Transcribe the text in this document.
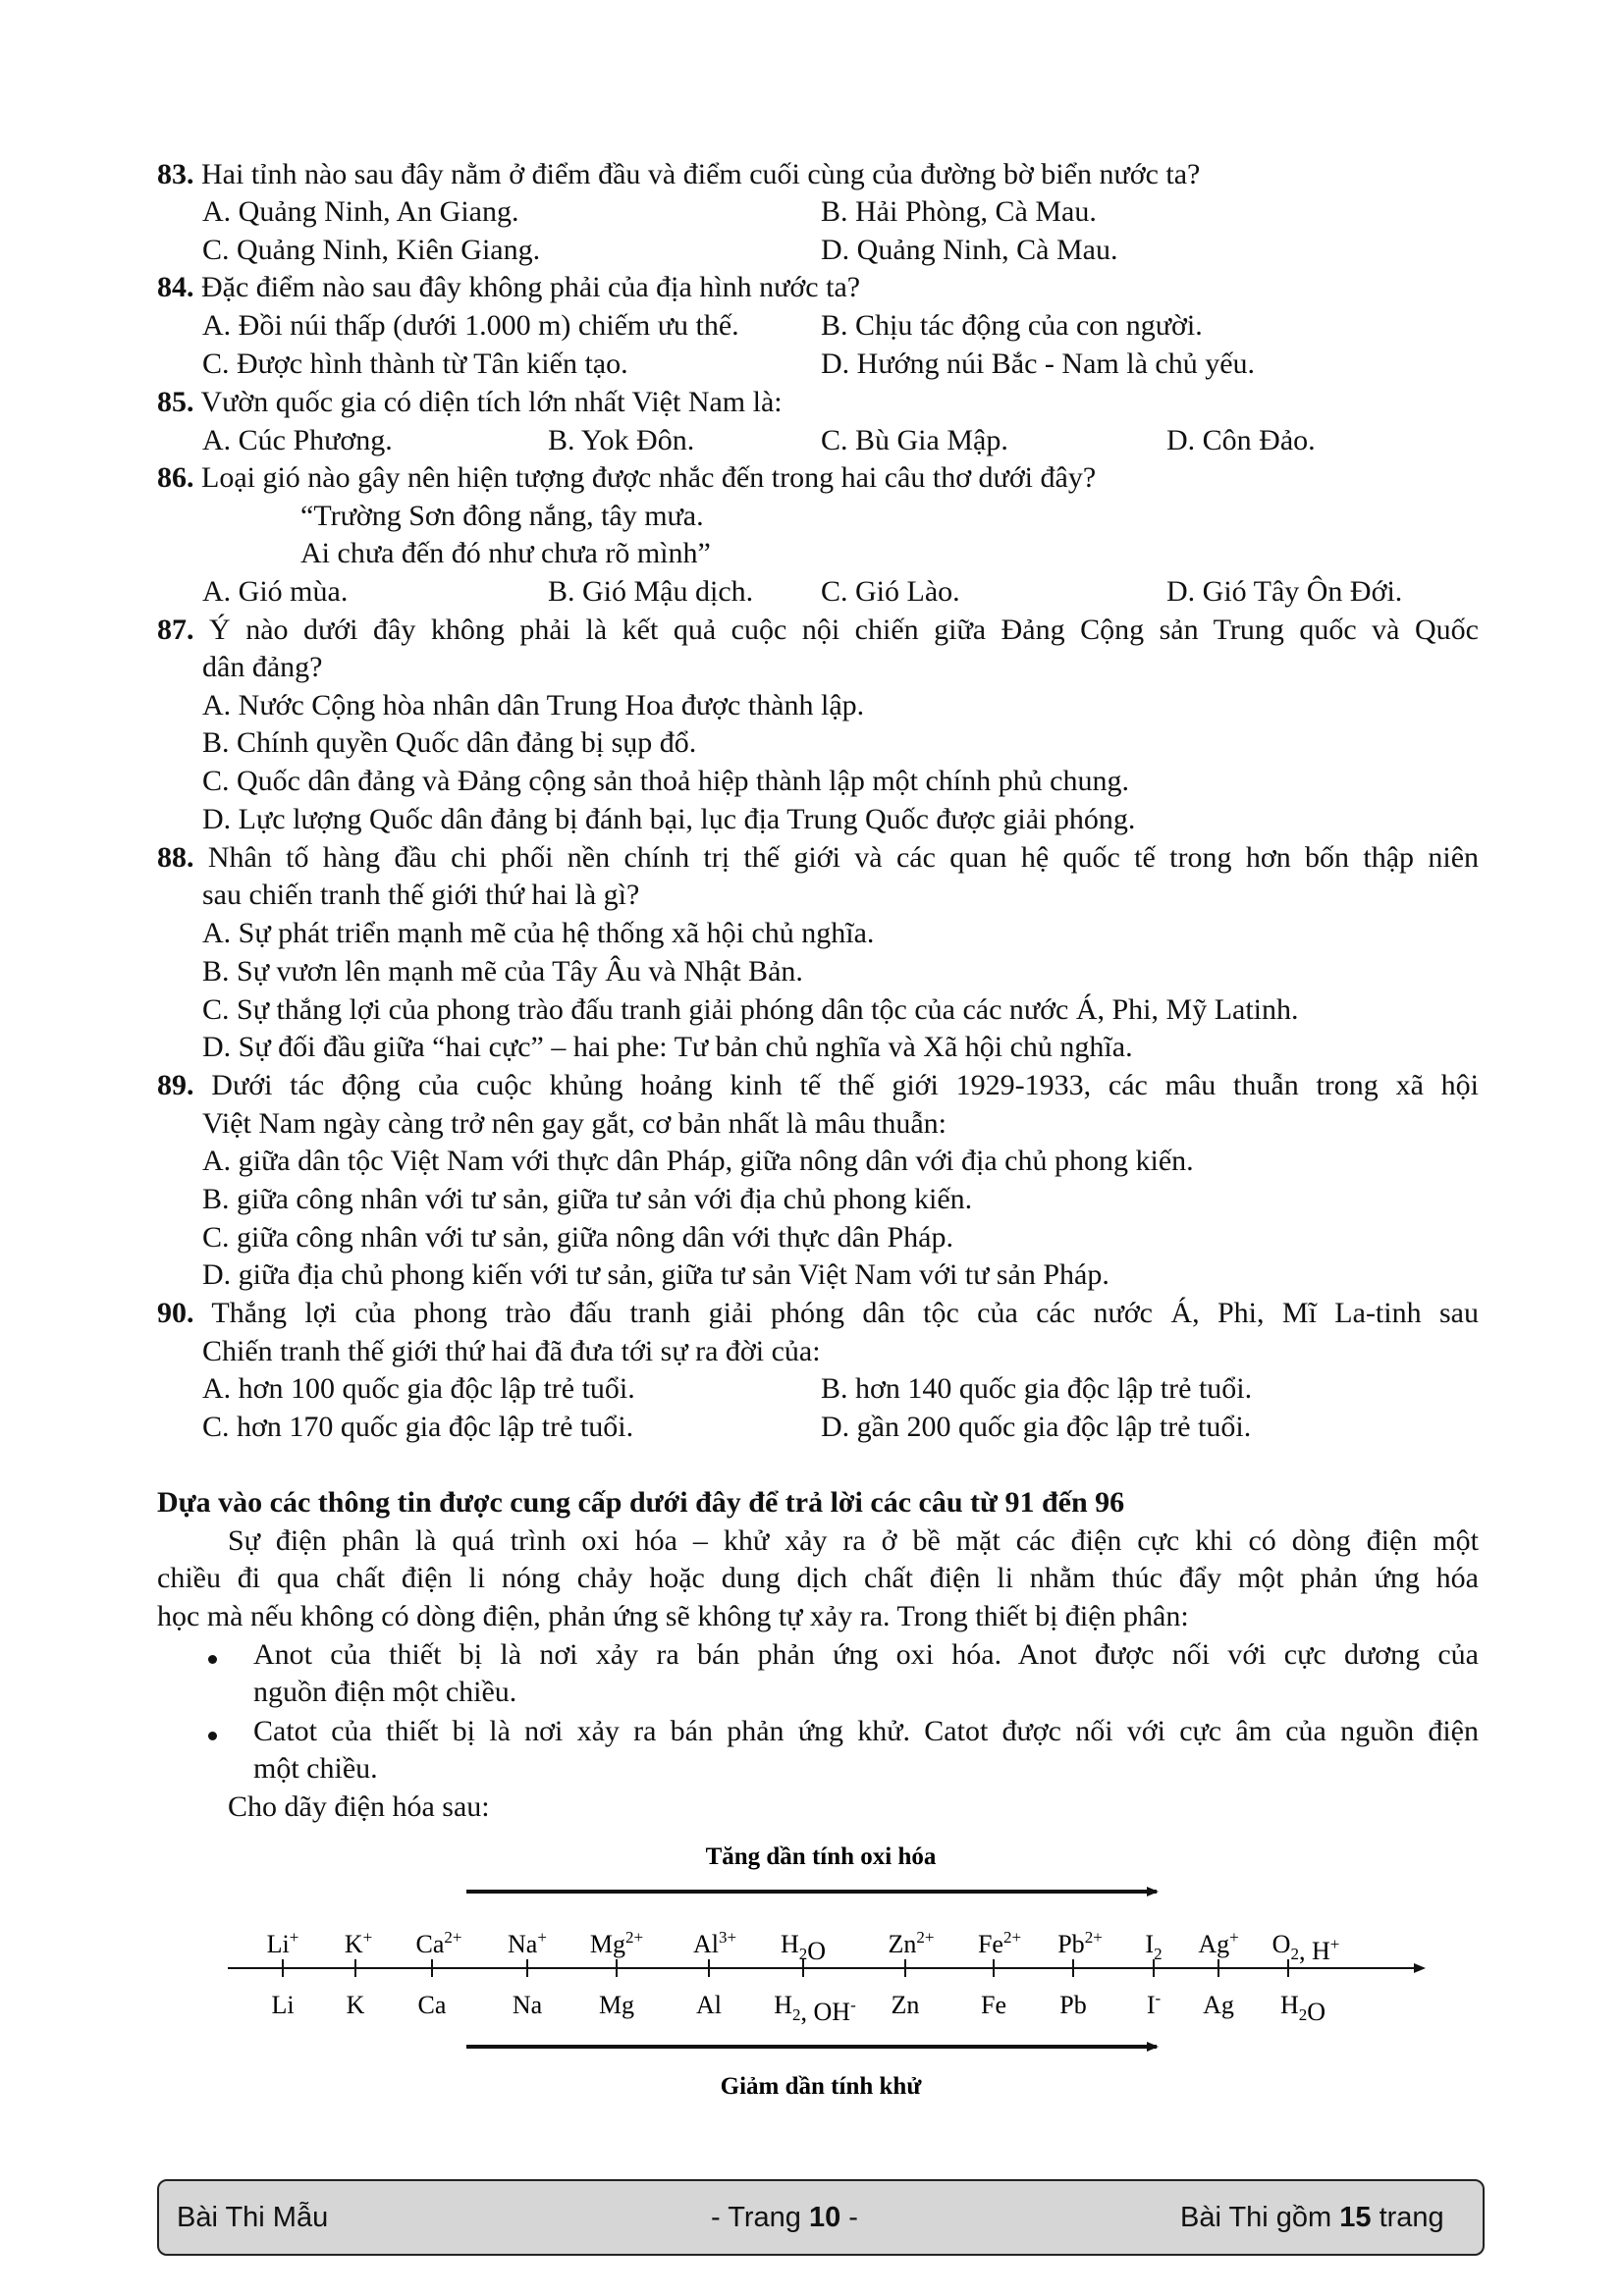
83. Hai tỉnh nào sau đây nằm ở điểm đầu và điểm cuối cùng của đường bờ biển nước ta?
A. Quảng Ninh, An Giang.	B. Hải Phòng, Cà Mau.
C. Quảng Ninh, Kiên Giang.	D. Quảng Ninh, Cà Mau.
84. Đặc điểm nào sau đây không phải của địa hình nước ta?
A. Đồi núi thấp (dưới 1.000 m) chiếm ưu thế.	B. Chịu tác động của con người.
C. Được hình thành từ Tân kiến tạo.	D. Hướng núi Bắc - Nam là chủ yếu.
85. Vườn quốc gia có diện tích lớn nhất Việt Nam là:
A. Cúc Phương.	B. Yok Đôn.	C. Bù Gia Mập.	D. Côn Đảo.
86. Loại gió nào gây nên hiện tượng được nhắc đến trong hai câu thơ dưới đây?
“Trường Sơn đông nắng, tây mưa.
Ai chưa đến đó như chưa rõ mình”
A. Gió mùa.	B. Gió Mậu dịch. C. Gió Lào.	D. Gió Tây Ôn Đới.
87. Ý nào dưới đây không phải là kết quả cuộc nội chiến giữa Đảng Cộng sản Trung quốc và Quốc
dân đảng?
A. Nước Cộng hòa nhân dân Trung Hoa được thành lập.
B. Chính quyền Quốc dân đảng bị sụp đổ.
C. Quốc dân đảng và Đảng cộng sản thoả hiệp thành lập một chính phủ chung.
D. Lực lượng Quốc dân đảng bị đánh bại, lục địa Trung Quốc được giải phóng.
88. Nhân tố hàng đầu chi phối nền chính trị thế giới và các quan hệ quốc tế trong hơn bốn thập niên
sau chiến tranh thế giới thứ hai là gì?
A. Sự phát triển mạnh mẽ của hệ thống xã hội chủ nghĩa.
B. Sự vươn lên mạnh mẽ của Tây Âu và Nhật Bản.
C. Sự thắng lợi của phong trào đấu tranh giải phóng dân tộc của các nước Á, Phi, Mỹ Latinh.
D. Sự đối đầu giữa “hai cực” – hai phe: Tư bản chủ nghĩa và Xã hội chủ nghĩa.
89. Dưới tác động của cuộc khủng hoảng kinh tế thế giới 1929-1933, các mâu thuẫn trong xã hội
Việt Nam ngày càng trở nên gay gắt, cơ bản nhất là mâu thuẫn:
A. giữa dân tộc Việt Nam với thực dân Pháp, giữa nông dân với địa chủ phong kiến.
B. giữa công nhân với tư sản, giữa tư sản với địa chủ phong kiến.
C. giữa công nhân với tư sản, giữa nông dân với thực dân Pháp.
D. giữa địa chủ phong kiến với tư sản, giữa tư sản Việt Nam với tư sản Pháp.
90. Thắng lợi của phong trào đấu tranh giải phóng dân tộc của các nước Á, Phi, Mĩ La-tinh sau
Chiến tranh thế giới thứ hai đã đưa tới sự ra đời của:
A. hơn 100 quốc gia độc lập trẻ tuổi.	B. hơn 140 quốc gia độc lập trẻ tuổi.
C. hơn 170 quốc gia độc lập trẻ tuổi.	D. gần 200 quốc gia độc lập trẻ tuổi.
Dựa vào các thông tin được cung cấp dưới đây để trả lời các câu từ 91 đến 96
Sự điện phân là quá trình oxi hóa – khử xảy ra ở bề mặt các điện cực khi có dòng điện một
chiều đi qua chất điện li nóng chảy hoặc dung dịch chất điện li nhằm thúc đẩy một phản ứng hóa
học mà nếu không có dòng điện, phản ứng sẽ không tự xảy ra. Trong thiết bị điện phân:
Anot của thiết bị là nơi xảy ra bán phản ứng oxi hóa. Anot được nối với cực dương của
nguồn điện một chiều.
Catot của thiết bị là nơi xảy ra bán phản ứng khử. Catot được nối với cực âm của nguồn điện
một chiều.
Cho dãy điện hóa sau:
Tăng dần tính oxi hóa
Li+ K+ $Ca^{2+}$ Na+ $Mg^{2+}$ $Al^{3+}$ $H_2O$ $Zn^{2+}$ $Fe^{2+}$ $Pb^{2+}$ $I_2$ Ag+ $O_2$, H+
Li K Ca	Na Mg Al $H_2$, OH- Zn Fe Pb I- Ag $H_2O$
Giảm dần tính khử
Bài Thi Mẫu	- Trang 10 -	Bài Thi gồm 15 trang
